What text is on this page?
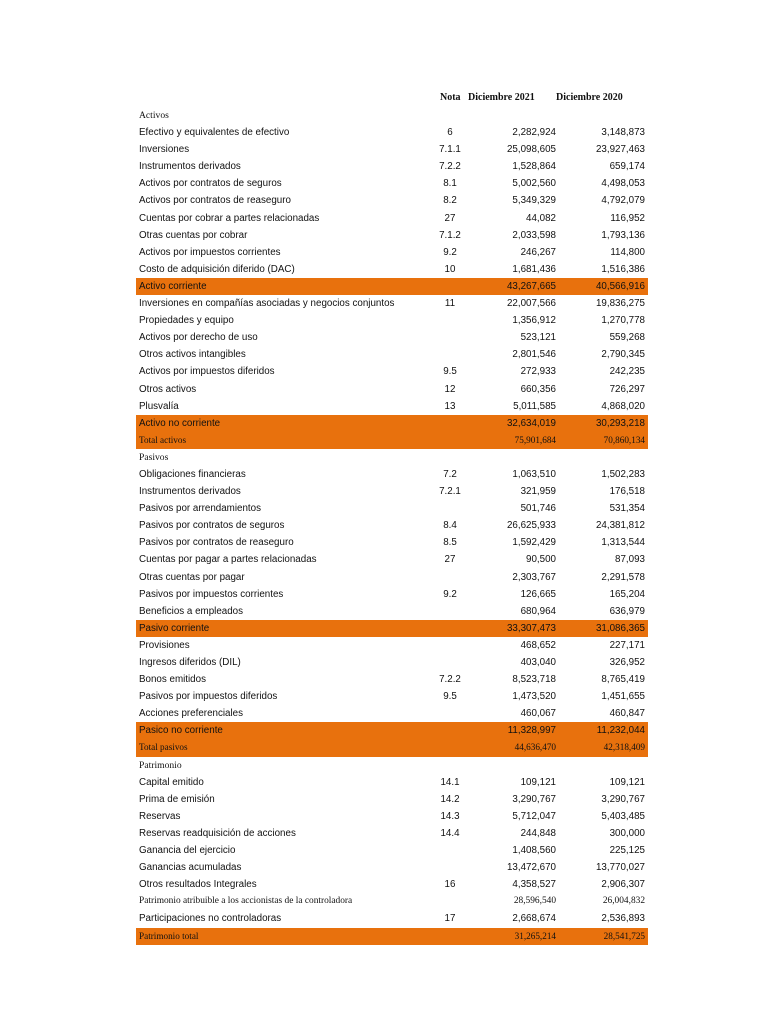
Nota Diciembre 2021 Diciembre 2020
Activos
Efectivo y equivalentes de efectivo	6	2,282,924	3,148,873
Inversiones	7.1.1	25,098,605	23,927,463
Instrumentos derivados	7.2.2	1,528,864	659,174
Activos por contratos de seguros	8.1	5,002,560	4,498,053
Activos por contratos de reaseguro	8.2	5,349,329	4,792,079
Cuentas por cobrar a partes relacionadas	27	44,082	116,952
Otras cuentas por cobrar	7.1.2	2,033,598	1,793,136
Activos por impuestos corrientes	9.2	246,267	114,800
Costo de adquisición diferido (DAC)	10	1,681,436	1,516,386
Activo corriente	43,267,665	40,566,916
Inversiones en compañías asociadas y negocios conjuntos	11	22,007,566	19,836,275
Propiedades y equipo	1,356,912	1,270,778
Activos por derecho de uso	523,121	559,268
Otros activos intangibles	2,801,546	2,790,345
Activos por impuestos diferidos	9.5	272,933	242,235
Otros activos	12	660,356	726,297
Plusvalía	13	5,011,585	4,868,020
Activo no corriente	32,634,019	30,293,218
Total activos	75,901,684	70,860,134
Pasivos
Obligaciones financieras	7.2	1,063,510	1,502,283
Instrumentos derivados	7.2.1	321,959	176,518
Pasivos por arrendamientos	501,746	531,354
Pasivos por contratos de seguros	8.4	26,625,933	24,381,812
Pasivos por contratos de reaseguro	8.5	1,592,429	1,313,544
Cuentas por pagar a partes relacionadas	27	90,500	87,093
Otras cuentas por pagar	2,303,767	2,291,578
Pasivos por impuestos corrientes	9.2	126,665	165,204
Beneficios a empleados	680,964	636,979
Pasivo corriente	33,307,473	31,086,365
Provisiones	468,652	227,171
Ingresos diferidos (DIL)	403,040	326,952
Bonos emitidos	7.2.2	8,523,718	8,765,419
Pasivos por impuestos diferidos	9.5	1,473,520	1,451,655
Acciones preferenciales	460,067	460,847
Pasico no corriente	11,328,997	11,232,044
Total pasivos	44,636,470	42,318,409
Patrimonio
Capital emitido	14.1	109,121	109,121
Prima de emisión	14.2	3,290,767	3,290,767
Reservas	14.3	5,712,047	5,403,485
Reservas readquisición de acciones	14.4	244,848	300,000
Ganancia del ejercicio	1,408,560	225,125
Ganancias acumuladas	13,472,670	13,770,027
Otros resultados Integrales	16	4,358,527	2,906,307
Patrimonio atribuible a los accionistas de la controladora	28,596,540	26,004,832
Participaciones no controladoras	17	2,668,674	2,536,893
Patrimonio total	31,265,214	28,541,725
